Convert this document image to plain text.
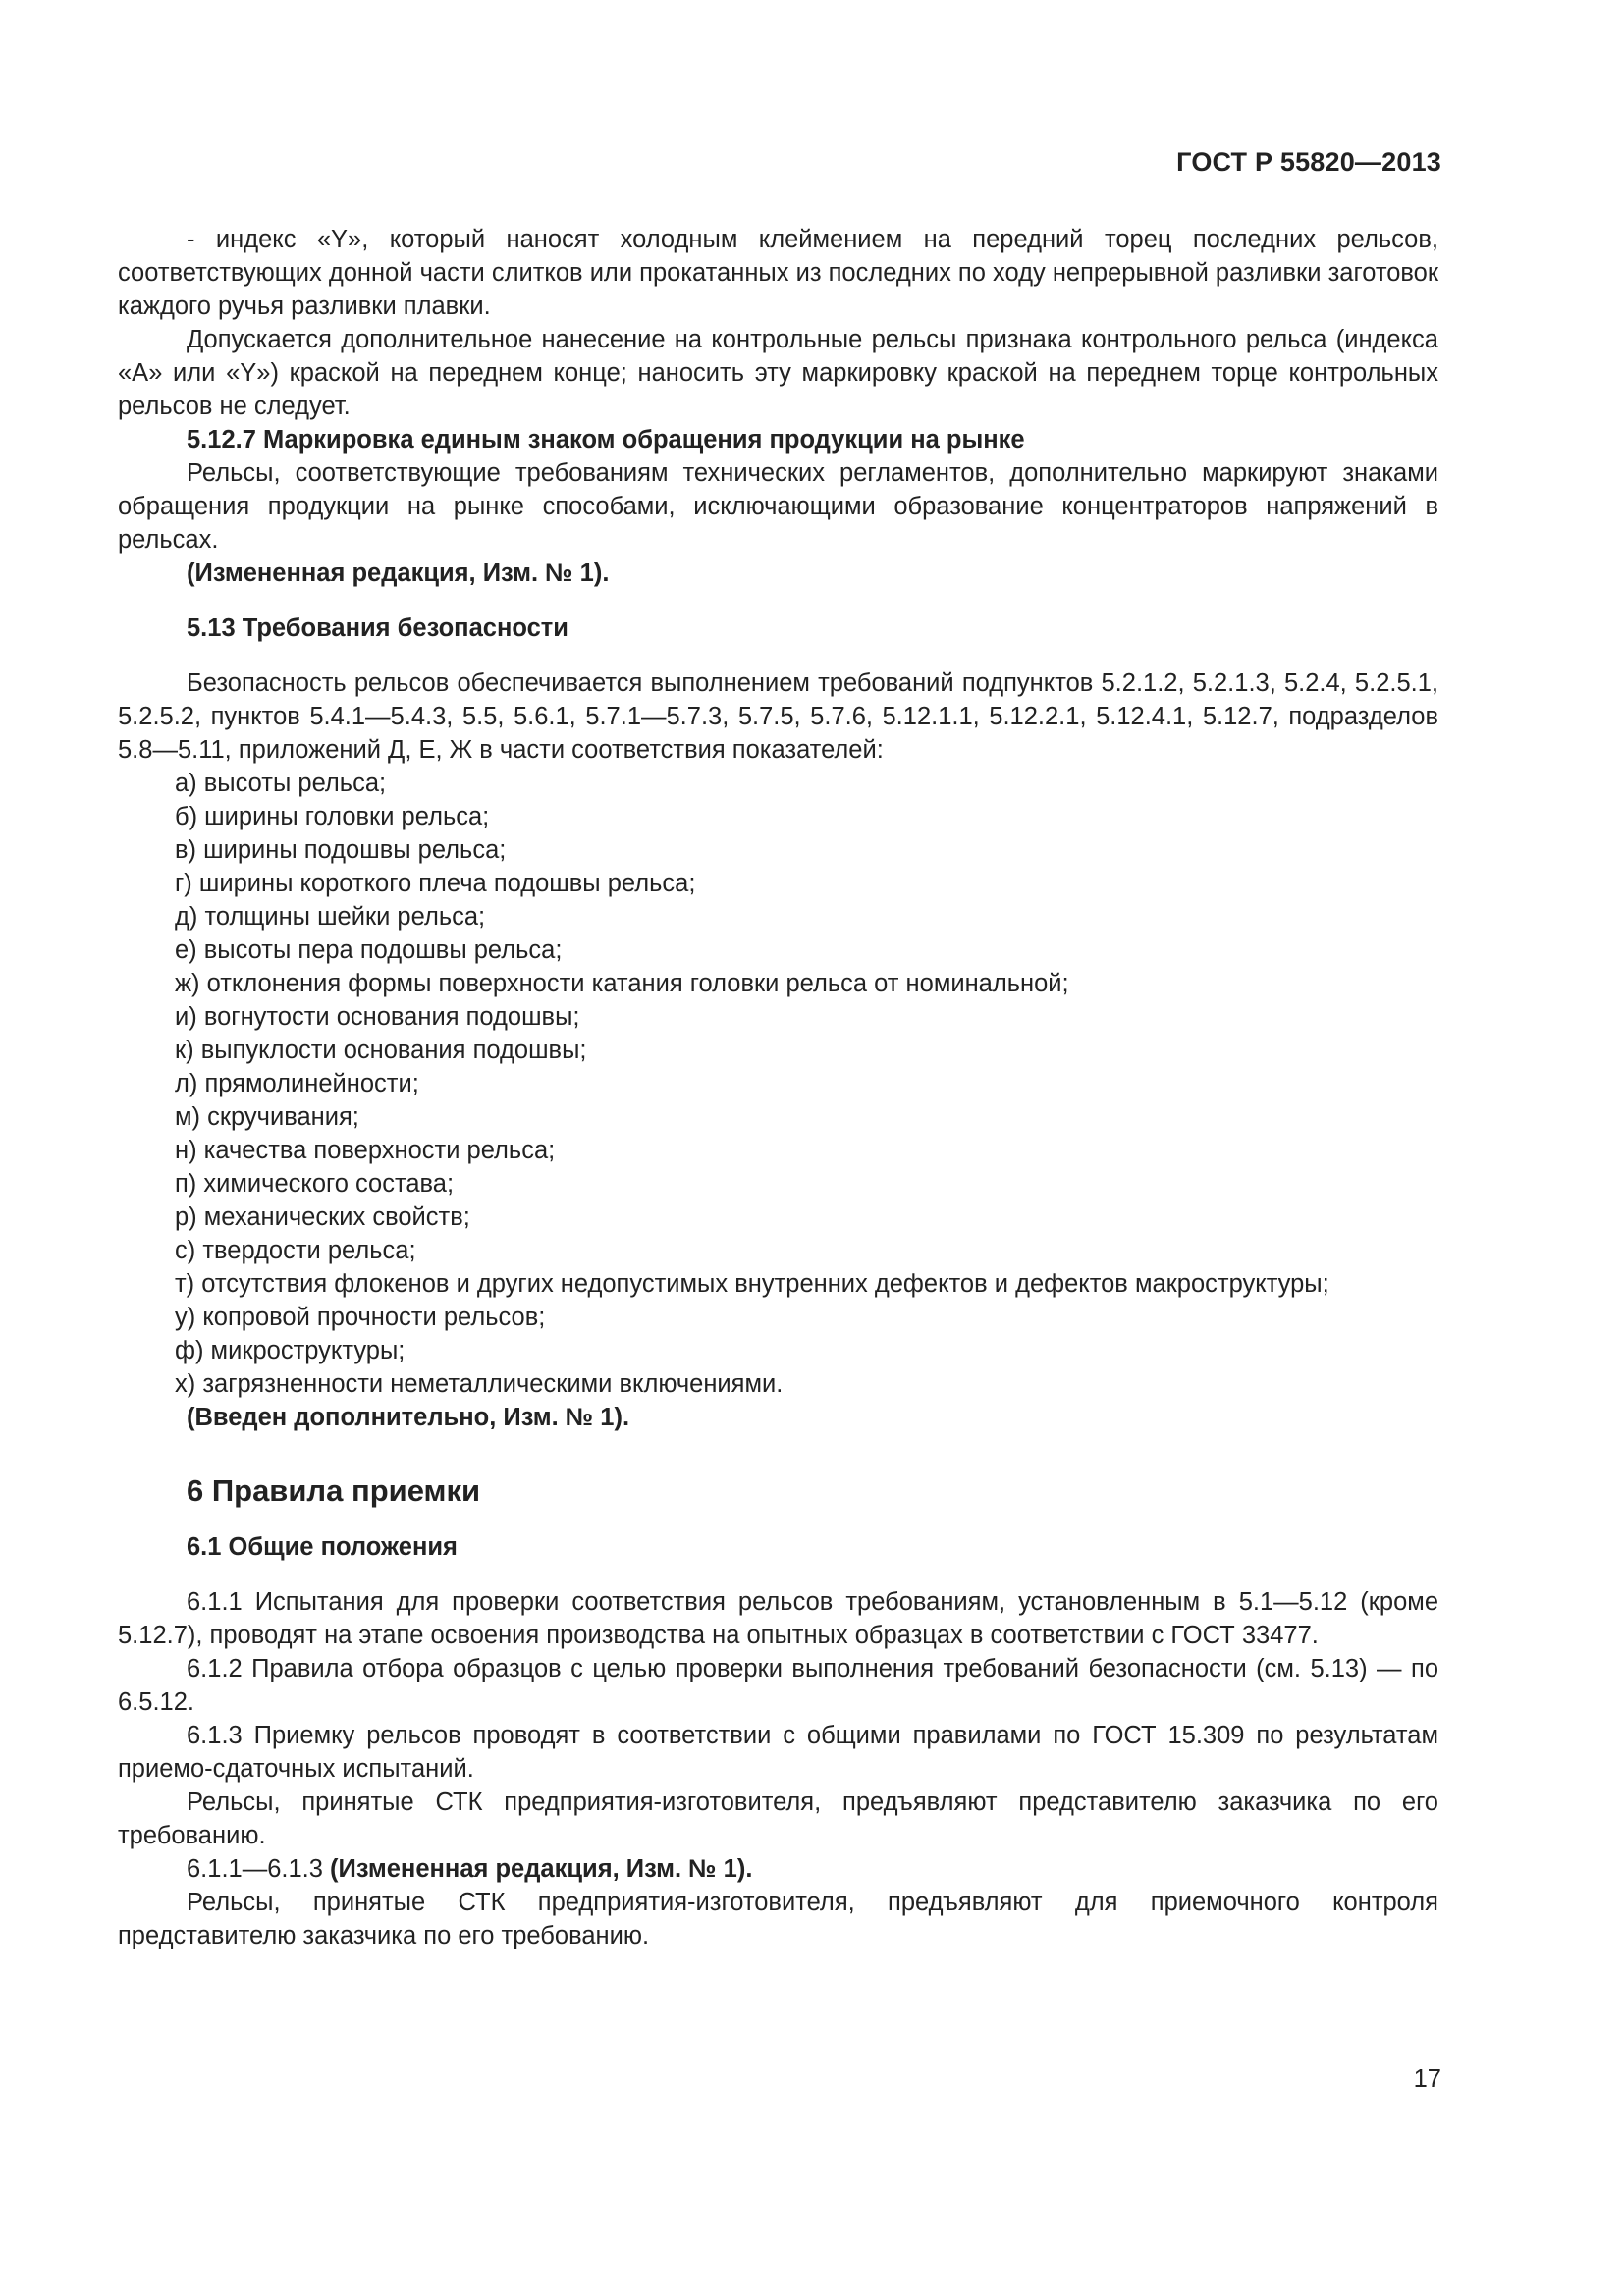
ГОСТ Р 55820—2013

- индекс «Y», который наносят холодным клеймением на передний торец последних рельсов, соответствующих донной части слитков или прокатанных из последних по ходу непрерывной разливки заготовок каждого ручья разливки плавки.

Допускается дополнительное нанесение на контрольные рельсы признака контрольного рельса (индекса «А» или «Y») краской на переднем конце; наносить эту маркировку краской на переднем торце контрольных рельсов не следует.

5.12.7 Маркировка единым знаком обращения продукции на рынке

Рельсы, соответствующие требованиям технических регламентов, дополнительно маркируют знаками обращения продукции на рынке способами, исключающими образование концентраторов напряжений в рельсах.

(Измененная редакция, Изм. № 1).

5.13 Требования безопасности

Безопасность рельсов обеспечивается выполнением требований подпунктов 5.2.1.2, 5.2.1.3, 5.2.4, 5.2.5.1, 5.2.5.2, пунктов 5.4.1—5.4.3, 5.5, 5.6.1, 5.7.1—5.7.3, 5.7.5, 5.7.6, 5.12.1.1, 5.12.2.1, 5.12.4.1, 5.12.7, подразделов 5.8—5.11, приложений Д, Е, Ж в части соответствия показателей:

а) высоты рельса;
б) ширины головки рельса;
в) ширины подошвы рельса;
г) ширины короткого плеча подошвы рельса;
д) толщины шейки рельса;
е) высоты пера подошвы рельса;
ж) отклонения формы поверхности катания головки рельса от номинальной;
и) вогнутости основания подошвы;
к) выпуклости основания подошвы;
л) прямолинейности;
м) скручивания;
н) качества поверхности рельса;
п) химического состава;
р) механических свойств;
с) твердости рельса;
т) отсутствия флокенов и других недопустимых внутренних дефектов и дефектов макроструктуры;
у) копровой прочности рельсов;
ф) микроструктуры;
х) загрязненности неметаллическими включениями.

(Введен дополнительно, Изм. № 1).

6 Правила приемки

6.1 Общие положения

6.1.1 Испытания для проверки соответствия рельсов требованиям, установленным в 5.1—5.12 (кроме 5.12.7), проводят на этапе освоения производства на опытных образцах в соответствии с ГОСТ 33477.

6.1.2 Правила отбора образцов с целью проверки выполнения требований безопасности (см. 5.13) — по 6.5.12.

6.1.3 Приемку рельсов проводят в соответствии с общими правилами по ГОСТ 15.309 по результатам приемо-сдаточных испытаний.

Рельсы, принятые СТК предприятия-изготовителя, предъявляют представителю заказчика по его требованию.

6.1.1—6.1.3 (Измененная редакция, Изм. № 1).

Рельсы, принятые СТК предприятия-изготовителя, предъявляют для приемочного контроля представителю заказчика по его требованию.

17
